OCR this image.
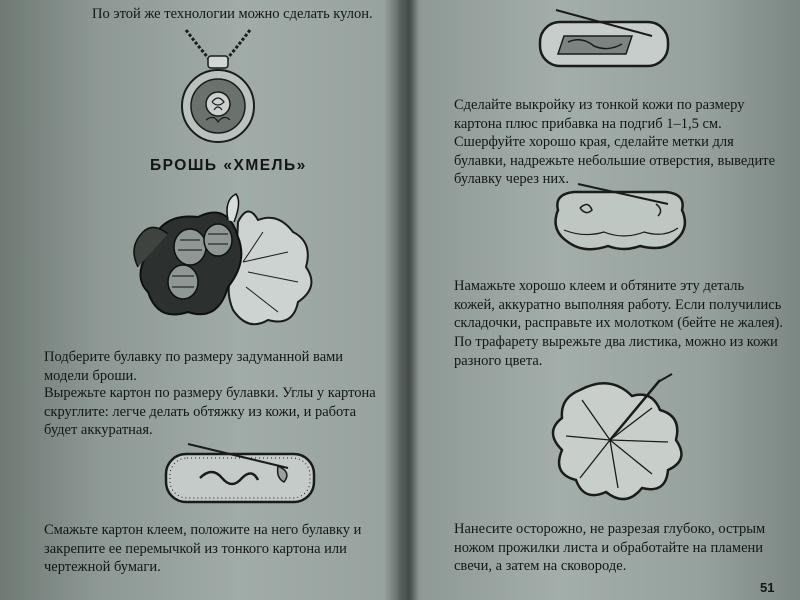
По этой же технологии можно сделать кулон.

БРОШЬ «ХМЕЛЬ»

Подберите булавку по размеру задуманной вами модели броши.

Вырежьте картон по размеру булавки. Углы у картона скруглите: легче делать обтяжку из кожи, и работа будет аккуратная.

Смажьте картон клеем, положите на него булавку и закрепите ее перемычкой из тонкого картона или чертежной бумаги.

Сделайте выкройку из тонкой кожи по размеру картона плюс прибавка на подгиб 1–1,5 см. Сшерфуйте хорошо края, сделайте метки для булавки, надрежьте небольшие отверстия, выведите булавку через них.

Намажьте хорошо клеем и обтяните эту деталь кожей, аккуратно выполняя работу. Если получились складочки, расправьте их молотком (бейте не жалея).

По трафарету вырежьте два листика, можно из кожи разного цвета.

Нанесите осторожно, не разрезая глубоко, острым ножом прожилки листа и обработайте на пламени свечи, а затем на сковороде.

51
